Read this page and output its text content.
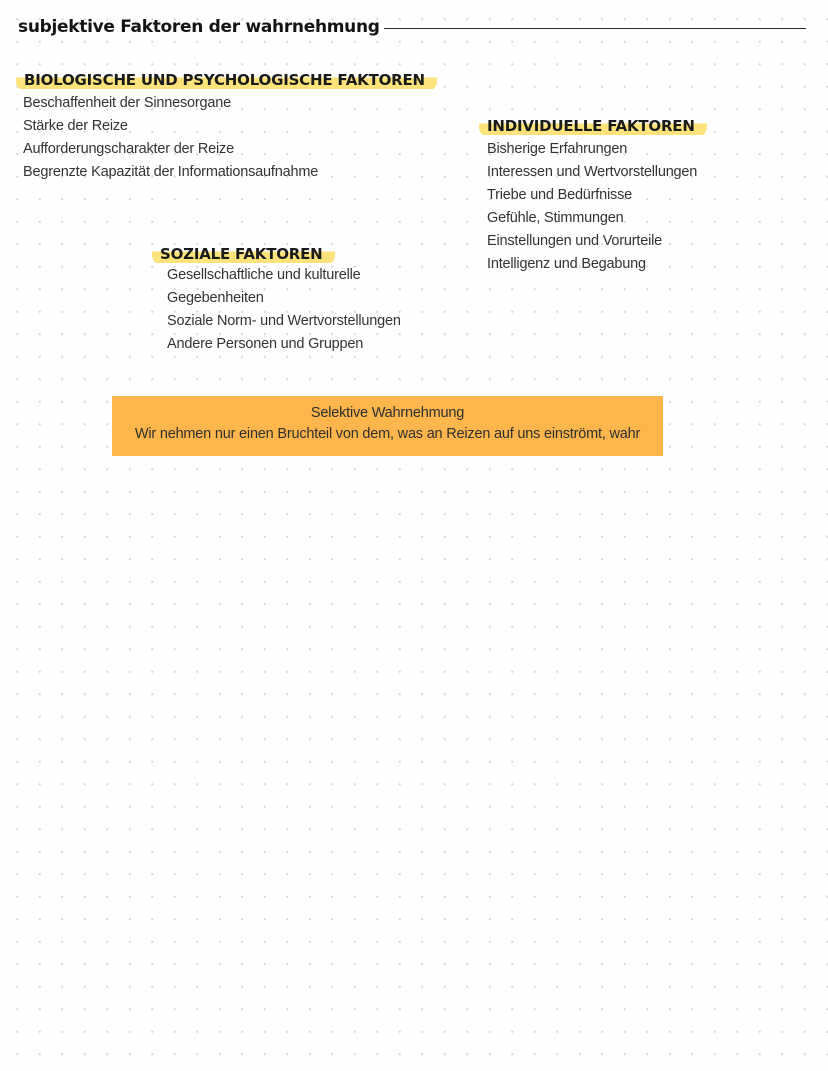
subjektive Faktoren der wahrnehmung
BIOLOGISCHE UND PSYCHOLOGISCHE FAKTOREN
Beschaffenheit der Sinnesorgane
Stärke der Reize
Aufforderungscharakter der Reize
Begrenzte Kapazität der Informationsaufnahme
INDIVIDUELLE FAKTOREN
Bisherige Erfahrungen
Interessen und Wertvorstellungen
Triebe und Bedürfnisse
Gefühle, Stimmungen
Einstellungen und Vorurteile
Intelligenz und Begabung
SOZIALE FAKTOREN
Gesellschaftliche und kulturelle
Gegebenheiten
Soziale Norm- und Wertvorstellungen
Andere Personen und Gruppen
Selektive Wahrnehmung
Wir nehmen nur einen Bruchteil von dem, was an Reizen auf uns einströmt, wahr
